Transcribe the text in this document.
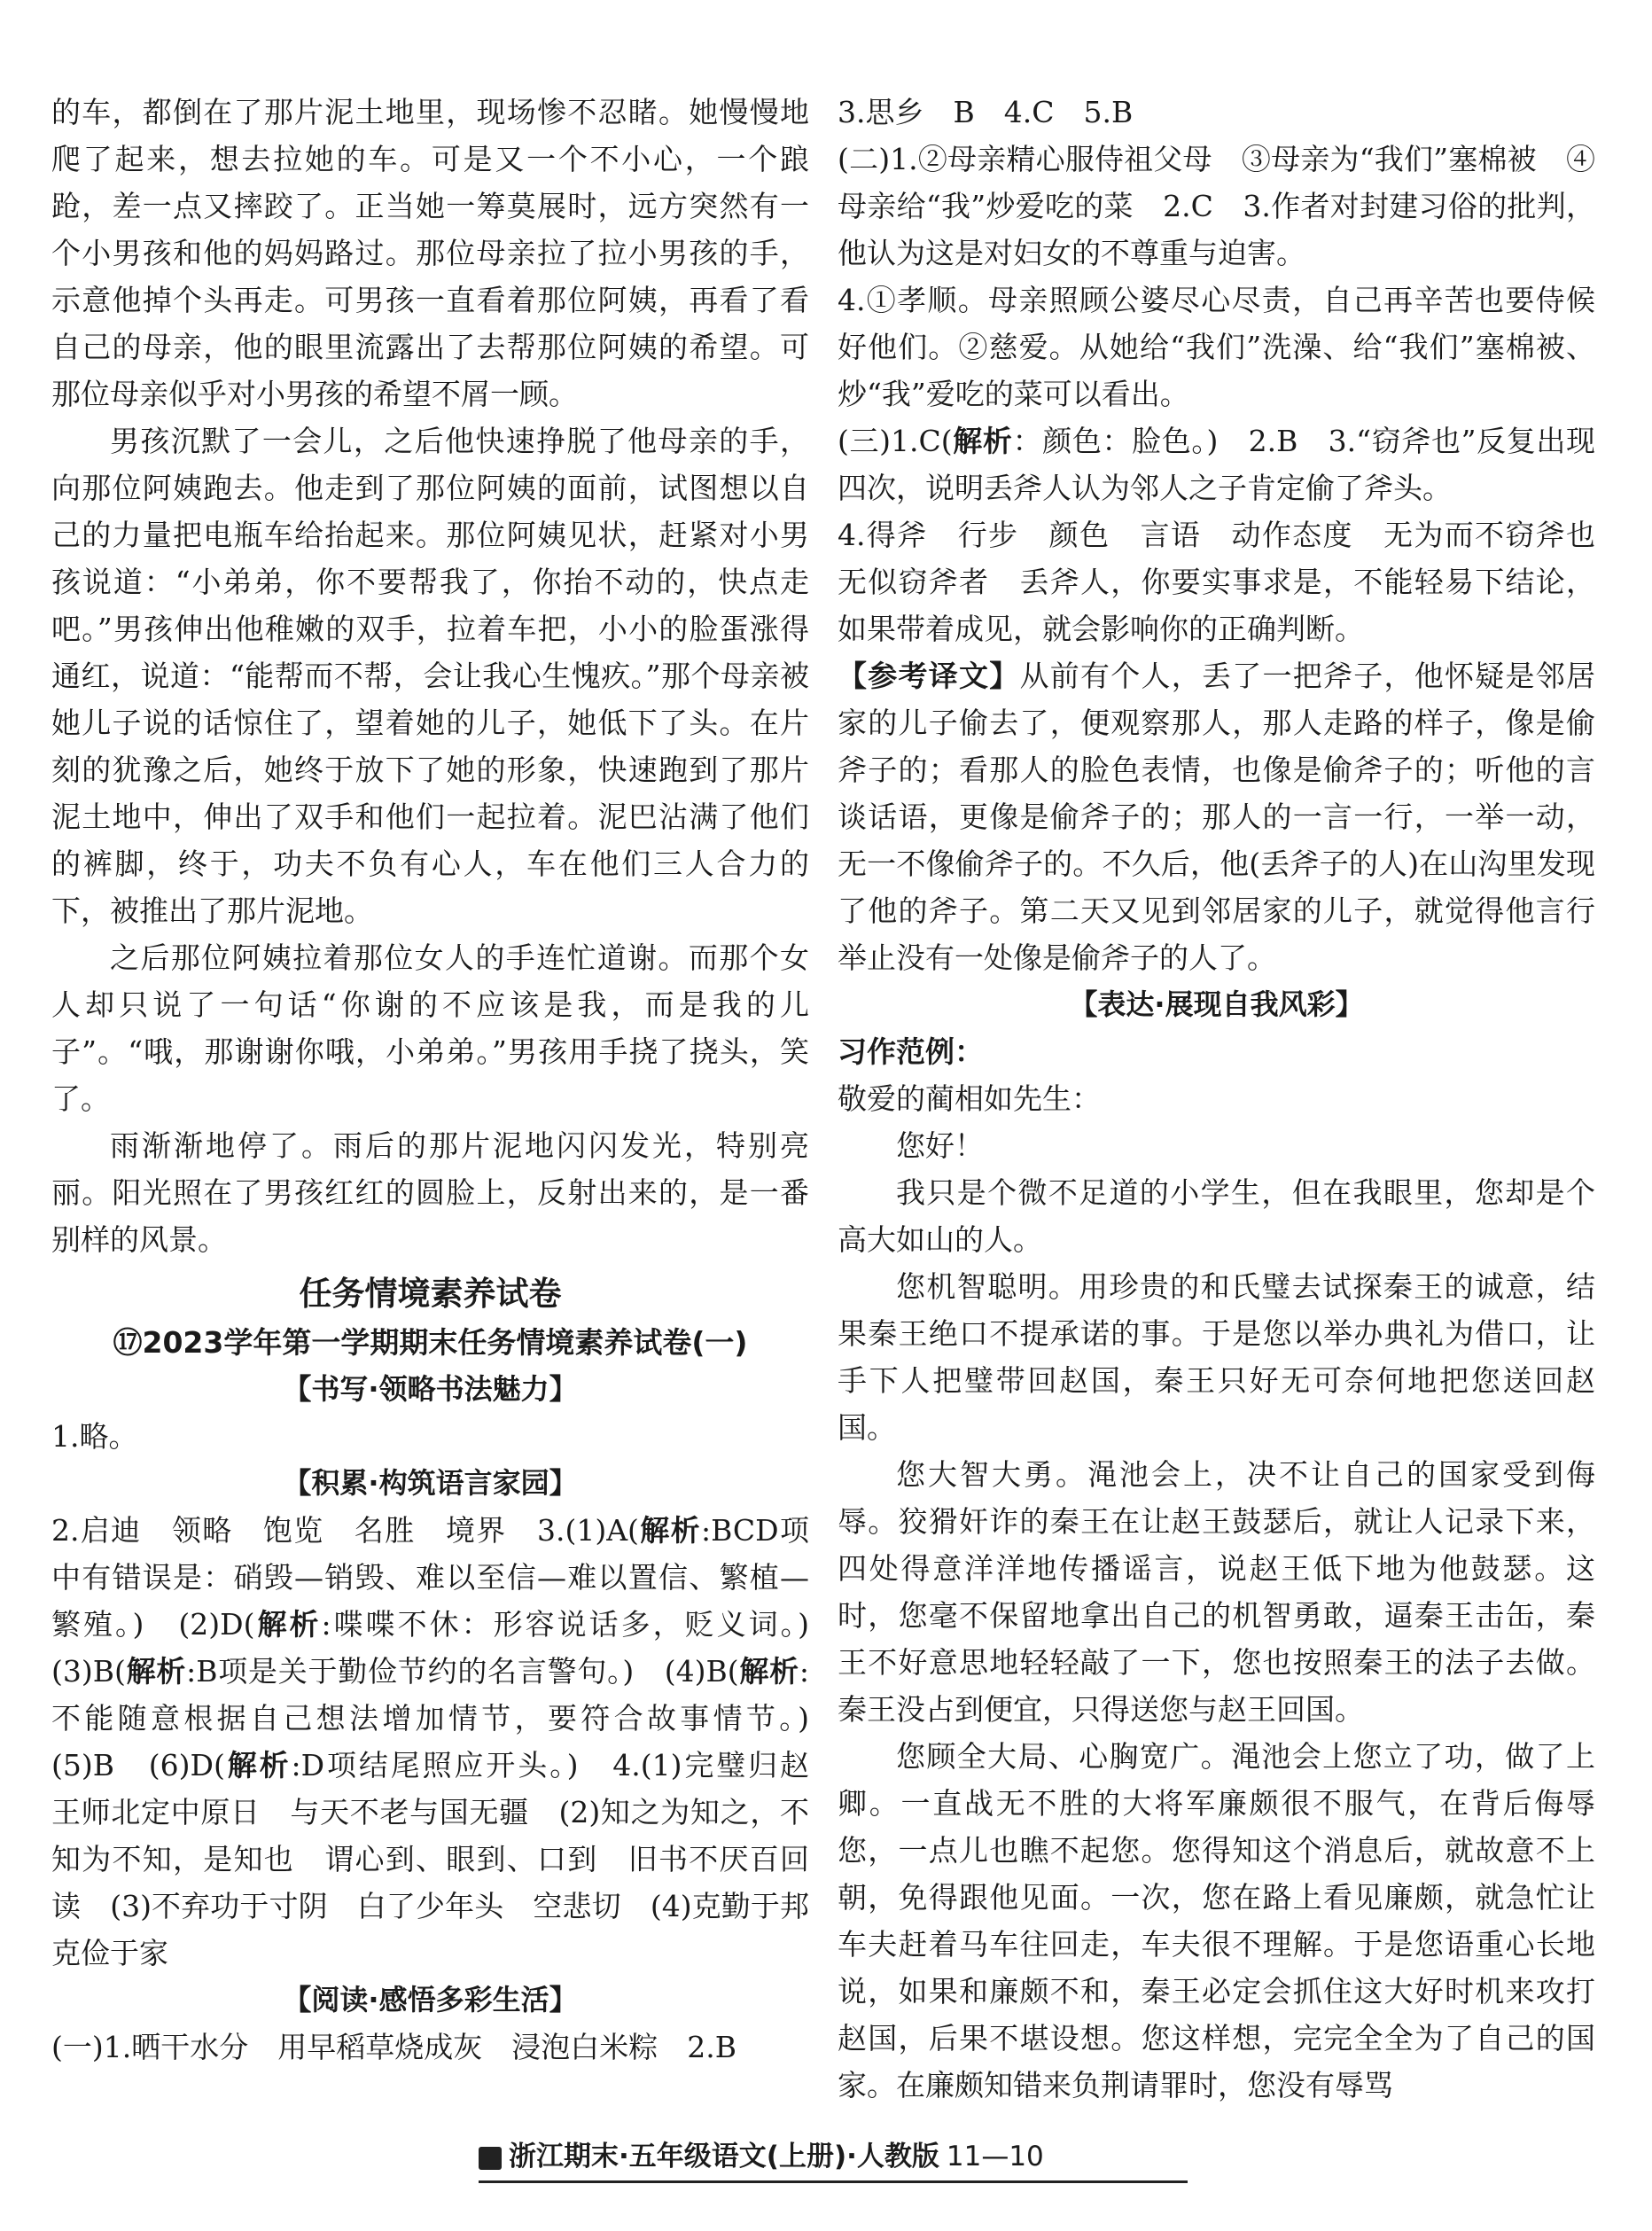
的车，都倒在了那片泥土地里，现场惨不忍睹。她慢慢地爬了起来，想去拉她的车。可是又一个不小心，一个踉跄，差一点又摔跤了。正当她一筹莫展时，远方突然有一个小男孩和他的妈妈路过。那位母亲拉了拉小男孩的手，示意他掉个头再走。可男孩一直看着那位阿姨，再看了看自己的母亲，他的眼里流露出了去帮那位阿姨的希望。可那位母亲似乎对小男孩的希望不屑一顾。

男孩沉默了一会儿，之后他快速挣脱了他母亲的手，向那位阿姨跑去。他走到了那位阿姨的面前，试图想以自己的力量把电瓶车给抬起来。那位阿姨见状，赶紧对小男孩说道：“小弟弟，你不要帮我了，你抬不动的，快点走吧。”男孩伸出他稚嫩的双手，拉着车把，小小的脸蛋涨得通红，说道：“能帮而不帮，会让我心生愧疚。”那个母亲被她儿子说的话惊住了，望着她的儿子，她低下了头。在片刻的犹豫之后，她终于放下了她的形象，快速跑到了那片泥土地中，伸出了双手和他们一起拉着。泥巴沾满了他们的裤脚，终于，功夫不负有心人，车在他们三人合力的下，被推出了那片泥地。

之后那位阿姨拉着那位女人的手连忙道谢。而那个女人却只说了一句话“你谢的不应该是我，而是我的儿子”。“哦，那谢谢你哦，小弟弟。”男孩用手挠了挠头，笑了。

雨渐渐地停了。雨后的那片泥地闪闪发光，特别亮丽。阳光照在了男孩红红的圆脸上，反射出来的，是一番别样的风景。

任务情境素养试卷
⑰2023学年第一学期期末任务情境素养试卷(一)
【书写·领略书法魅力】

1.略。

【积累·构筑语言家园】

2.启迪　领略　饱览　名胜　境界　3.(1)A(解析:BCD项中有错误是：硝毁—销毁、难以至信—难以置信、繁植—繁殖。)　(2)D(解析:喋喋不休：形容说话多，贬义词。)　(3)B(解析:B项是关于勤俭节约的名言警句。)　(4)B(解析:不能随意根据自己想法增加情节，要符合故事情节。)　(5)B　(6)D(解析:D项结尾照应开头。)　4.(1)完璧归赵　王师北定中原日　与天不老与国无疆　(2)知之为知之，不知为不知，是知也　谓心到、眼到、口到　旧书不厌百回读　(3)不弃功于寸阴　白了少年头　空悲切　(4)克勤于邦　克俭于家

【阅读·感悟多彩生活】

(一)1.晒干水分　用早稻草烧成灰　浸泡白米粽　2.B

3.思乡　B　4.C　5.B

(二)1.②母亲精心服侍祖父母　③母亲为“我们”塞棉被　④母亲给“我”炒爱吃的菜　2.C　3.作者对封建习俗的批判，他认为这是对妇女的不尊重与迫害。

4.①孝顺。母亲照顾公婆尽心尽责，自己再辛苦也要侍候好他们。②慈爱。从她给“我们”洗澡、给“我们”塞棉被、炒“我”爱吃的菜可以看出。

(三)1.C(解析：颜色：脸色。)　2.B　3.“窃斧也”反复出现四次，说明丢斧人认为邻人之子肯定偷了斧头。

4.得斧　行步　颜色　言语　动作态度　无为而不窃斧也　无似窃斧者　丢斧人，你要实事求是，不能轻易下结论，如果带着成见，就会影响你的正确判断。

【参考译文】从前有个人，丢了一把斧子，他怀疑是邻居家的儿子偷去了，便观察那人，那人走路的样子，像是偷斧子的；看那人的脸色表情，也像是偷斧子的；听他的言谈话语，更像是偷斧子的；那人的一言一行，一举一动，无一不像偷斧子的。不久后，他(丢斧子的人)在山沟里发现了他的斧子。第二天又见到邻居家的儿子，就觉得他言行举止没有一处像是偷斧子的人了。

【表达·展现自我风彩】

习作范例：

敬爱的蔺相如先生：

您好！

我只是个微不足道的小学生，但在我眼里，您却是个高大如山的人。

您机智聪明。用珍贵的和氏璧去试探秦王的诚意，结果秦王绝口不提承诺的事。于是您以举办典礼为借口，让手下人把璧带回赵国，秦王只好无可奈何地把您送回赵国。

您大智大勇。渑池会上，决不让自己的国家受到侮辱。狡猾奸诈的秦王在让赵王鼓瑟后，就让人记录下来，四处得意洋洋地传播谣言，说赵王低下地为他鼓瑟。这时，您毫不保留地拿出自己的机智勇敢，逼秦王击缶，秦王不好意思地轻轻敲了一下，您也按照秦王的法子去做。秦王没占到便宜，只得送您与赵王回国。

您顾全大局、心胸宽广。渑池会上您立了功，做了上卿。一直战无不胜的大将军廉颇很不服气，在背后侮辱您，一点儿也瞧不起您。您得知这个消息后，就故意不上朝，免得跟他见面。一次，您在路上看见廉颇，就急忙让车夫赶着马车往回走，车夫很不理解。于是您语重心长地说，如果和廉颇不和，秦王必定会抓住这大好时机来攻打赵国，后果不堪设想。您这样想，完完全全为了自己的国家。在廉颇知错来负荆请罪时，您没有辱骂

浙江期末·五年级语文(上册)·人教版 11—10
